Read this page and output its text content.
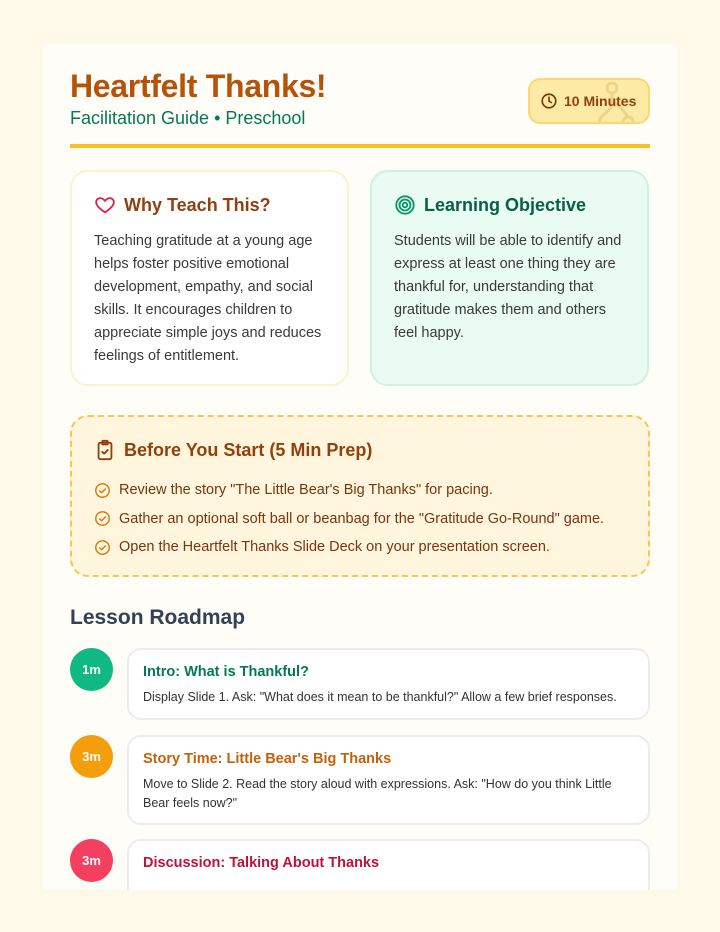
Heartfelt Thanks!
Facilitation Guide • Preschool
10 Minutes
Why Teach This?

Teaching gratitude at a young age helps foster positive emotional development, empathy, and social skills. It encourages children to appreciate simple joys and reduces feelings of entitlement.

Learning Objective

Students will be able to identify and express at least one thing they are thankful for, understanding that gratitude makes them and others feel happy.

Before You Start (5 Min Prep)
Review the story "The Little Bear's Big Thanks" for pacing.
Gather an optional soft ball or beanbag for the "Gratitude Go-Round" game.
Open the Heartfelt Thanks Slide Deck on your presentation screen.
Lesson Roadmap
1m	Intro: What is Thankful?

Display Slide 1. Ask: "What does it mean to be thankful?" Allow a few brief responses.

3m	Story Time: Little Bear's Big Thanks

Move to Slide 2. Read the story aloud with expressions. Ask: "How do you think Little Bear feels now?"

3m	Discussion: Talking About Thanks
